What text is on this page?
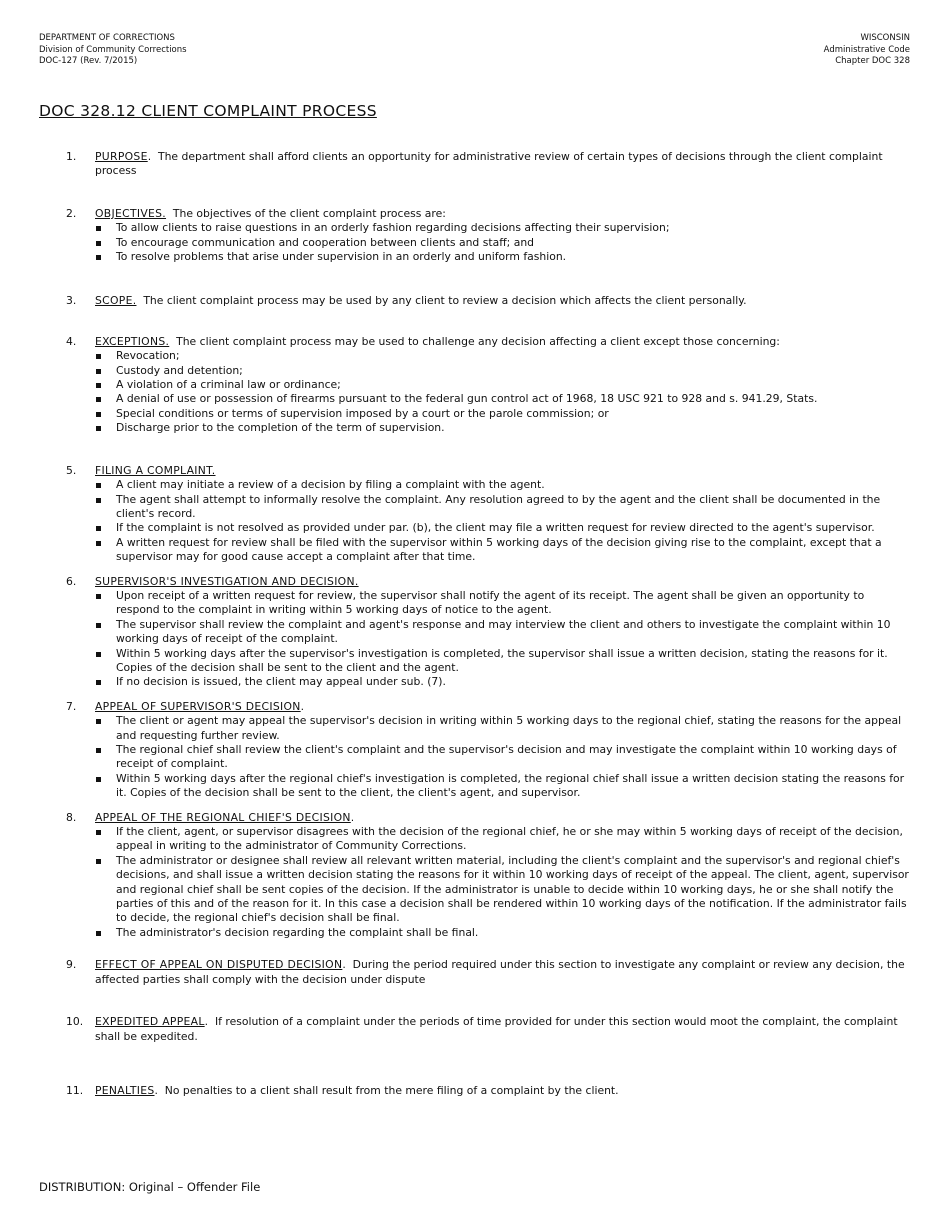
DEPARTMENT OF CORRECTIONS
Division of Community Corrections
DOC-127 (Rev. 7/2015)
WISCONSIN
Administrative Code
Chapter DOC 328
DOC 328.12 CLIENT COMPLAINT PROCESS
1. PURPOSE.  The department shall afford clients an opportunity for administrative review of certain types of decisions through the client complaint process
2. OBJECTIVES.  The objectives of the client complaint process are:
To allow clients to raise questions in an orderly fashion regarding decisions affecting their supervision;
To encourage communication and cooperation between clients and staff; and
To resolve problems that arise under supervision in an orderly and uniform fashion.
3. SCOPE.  The client complaint process may be used by any client to review a decision which affects the client personally.
4. EXCEPTIONS.  The client complaint process may be used to challenge any decision affecting a client except those concerning:
Revocation;
Custody and detention;
A violation of a criminal law or ordinance;
A denial of use or possession of firearms pursuant to the federal gun control act of 1968, 18 USC 921 to 928 and s. 941.29, Stats.
Special conditions or terms of supervision imposed by a court or the parole commission; or
Discharge prior to the completion of the term of supervision.
5. FILING A COMPLAINT.
A client may initiate a review of a decision by filing a complaint with the agent.
The agent shall attempt to informally resolve the complaint. Any resolution agreed to by the agent and the client shall be documented in the client's record.
If the complaint is not resolved as provided under par. (b), the client may file a written request for review directed to the agent's supervisor.
A written request for review shall be filed with the supervisor within 5 working days of the decision giving rise to the complaint, except that a supervisor may for good cause accept a complaint after that time.
6. SUPERVISOR'S INVESTIGATION AND DECISION.
Upon receipt of a written request for review, the supervisor shall notify the agent of its receipt. The agent shall be given an opportunity to respond to the complaint in writing within 5 working days of notice to the agent.
The supervisor shall review the complaint and agent's response and may interview the client and others to investigate the complaint within 10 working days of receipt of the complaint.
Within 5 working days after the supervisor's investigation is completed, the supervisor shall issue a written decision, stating the reasons for it. Copies of the decision shall be sent to the client and the agent.
If no decision is issued, the client may appeal under sub. (7).
7. APPEAL OF SUPERVISOR'S DECISION.
The client or agent may appeal the supervisor's decision in writing within 5 working days to the regional chief, stating the reasons for the appeal and requesting further review.
The regional chief shall review the client's complaint and the supervisor's decision and may investigate the complaint within 10 working days of receipt of complaint.
Within 5 working days after the regional chief's investigation is completed, the regional chief shall issue a written decision stating the reasons for it. Copies of the decision shall be sent to the client, the client's agent, and supervisor.
8. APPEAL OF THE REGIONAL CHIEF'S DECISION.
If the client, agent, or supervisor disagrees with the decision of the regional chief, he or she may within 5 working days of receipt of the decision, appeal in writing to the administrator of Community Corrections.
The administrator or designee shall review all relevant written material, including the client's complaint and the supervisor's and regional chief's decisions, and shall issue a written decision stating the reasons for it within 10 working days of receipt of the appeal. The client, agent, supervisor and regional chief shall be sent copies of the decision. If the administrator is unable to decide within 10 working days, he or she shall notify the parties of this and of the reason for it. In this case a decision shall be rendered within 10 working days of the notification. If the administrator fails to decide, the regional chief's decision shall be final.
The administrator's decision regarding the complaint shall be final.
9. EFFECT OF APPEAL ON DISPUTED DECISION.  During the period required under this section to investigate any complaint or review any decision, the affected parties shall comply with the decision under dispute
10. EXPEDITED APPEAL.  If resolution of a complaint under the periods of time provided for under this section would moot the complaint, the complaint shall be expedited.
11. PENALTIES.  No penalties to a client shall result from the mere filing of a complaint by the client.
DISTRIBUTION: Original – Offender File
